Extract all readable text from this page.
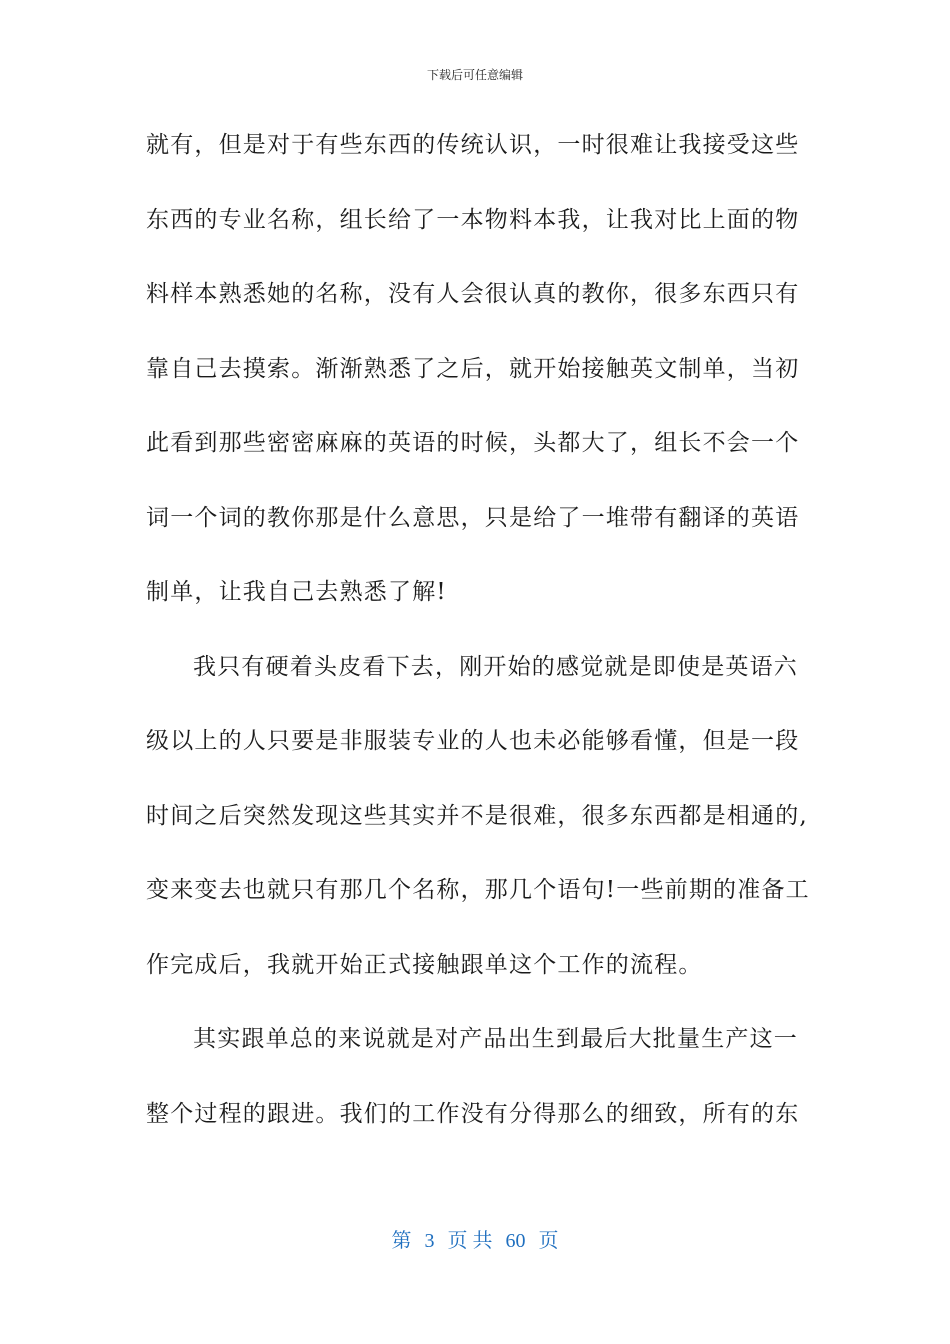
下载后可任意编辑
就有，但是对于有些东西的传统认识，一时很难让我接受这些
东西的专业名称，组长给了一本物料本我，让我对比上面的物
料样本熟悉她的名称，没有人会很认真的教你，很多东西只有
靠自己去摸索。渐渐熟悉了之后，就开始接触英文制单，当初
此看到那些密密麻麻的英语的时候，头都大了，组长不会一个
词一个词的教你那是什么意思，只是给了一堆带有翻译的英语
制单，让我自己去熟悉了解!
我只有硬着头皮看下去，刚开始的感觉就是即使是英语六
级以上的人只要是非服装专业的人也未必能够看懂，但是一段
时间之后突然发现这些其实并不是很难，很多东西都是相通的,
变来变去也就只有那几个名称，那几个语句!一些前期的准备工
作完成后，我就开始正式接触跟单这个工作的流程。
其实跟单总的来说就是对产品出生到最后大批量生产这一
整个过程的跟进。我们的工作没有分得那么的细致，所有的东
第 3 页 共 60 页
